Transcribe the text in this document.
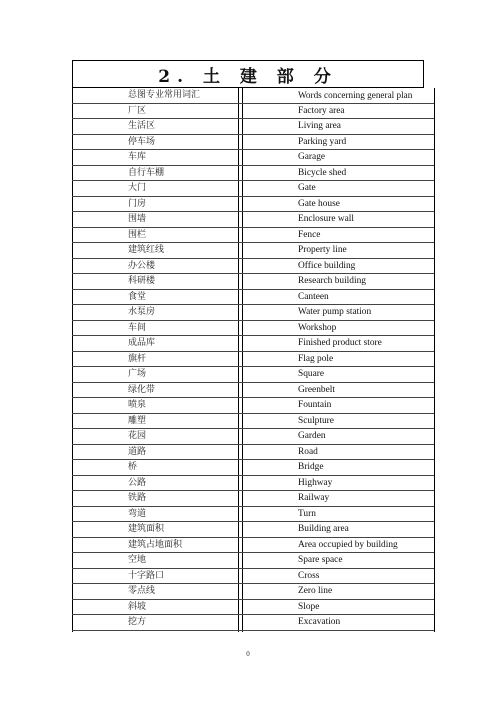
2. 土 建 部 分
总图专业常用词汇	Words concerning general plan
厂区	Factory area
生活区	Living area
停车场	Parking yard
车库	Garage
自行车棚	Bicycle shed
大门	Gate
门房	Gate house
围墙	Enclosure wall
围栏	Fence
建筑红线	Property line
办公楼	Office building
科研楼	Research building
食堂	Canteen
水泵房	Water pump station
车间	Workshop
成品库	Finished product store
旗杆	Flag pole
广场	Square
绿化带	Greenbelt
喷泉	Fountain
雕塑	Sculpture
花园	Garden
道路	Road
桥	Bridge
公路	Highway
铁路	Railway
弯道	Turn
建筑面积	Building area
建筑占地面积	Area occupied by building
空地	Spare space
十字路口	Cross
零点线	Zero line
斜坡	Slope
挖方	Excavation
0
